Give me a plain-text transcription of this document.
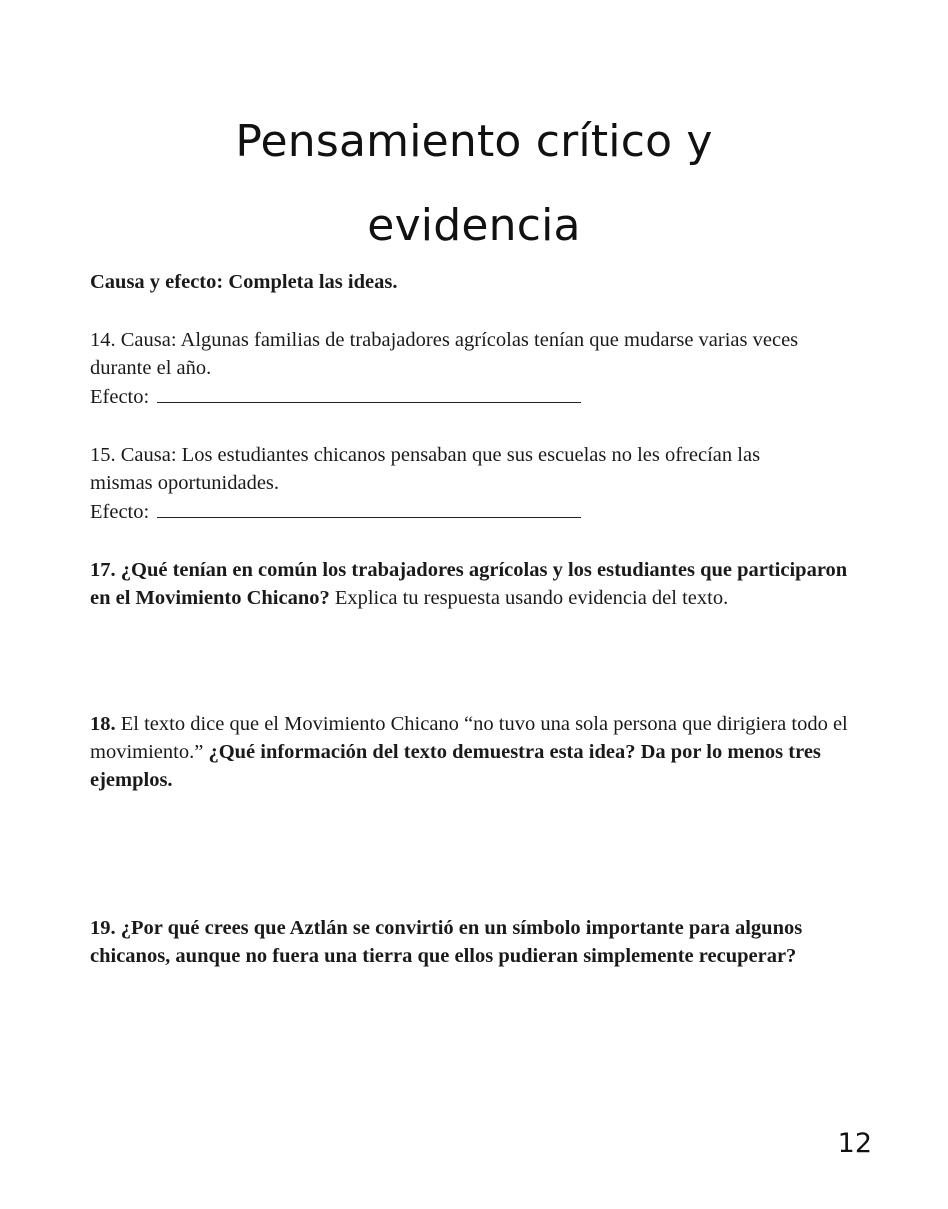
Pensamiento crítico y
evidencia

Causa y efecto: Completa las ideas.

14. Causa: Algunas familias de trabajadores agrícolas tenían que mudarse varias veces
durante el año.
Efecto:
15. Causa: Los estudiantes chicanos pensaban que sus escuelas no les ofrecían las
mismas oportunidades.
Efecto:

17. ¿Qué tenían en común los trabajadores agrícolas y los estudiantes que participaron en el Movimiento Chicano? Explica tu respuesta usando evidencia del texto.

18. El texto dice que el Movimiento Chicano “no tuvo una sola persona que dirigiera todo el movimiento.” ¿Qué información del texto demuestra esta idea? Da por lo menos tres ejemplos.

19. ¿Por qué crees que Aztlán se convirtió en un símbolo importante para algunos chicanos, aunque no fuera una tierra que ellos pudieran simplemente recuperar?

12
